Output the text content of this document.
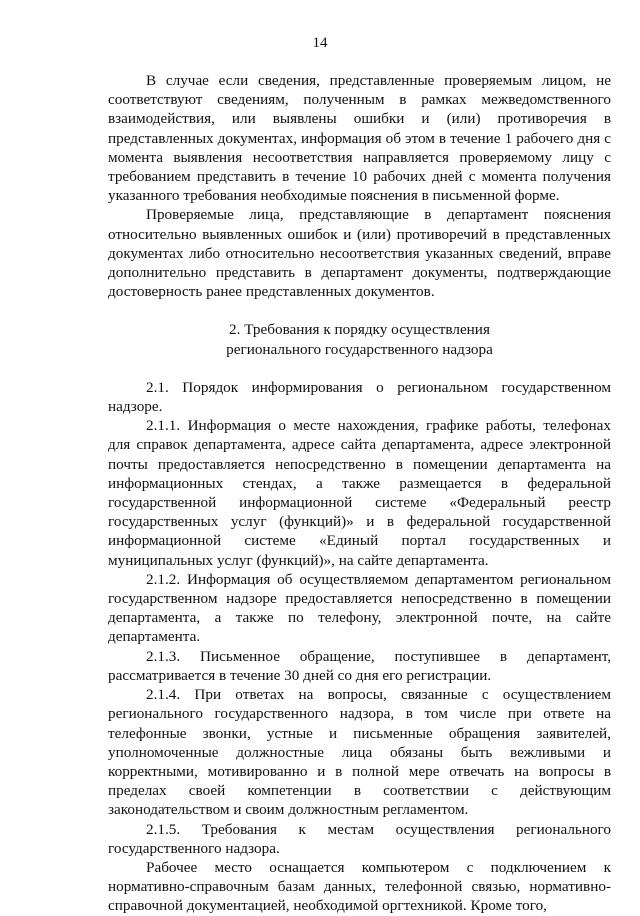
14

В случае если сведения, представленные проверяемым лицом, не соответствуют сведениям, полученным в рамках межведомственного взаимодействия, или выявлены ошибки и (или) противоречия в представленных документах, информация об этом в течение 1 рабочего дня с момента выявления несоответствия направляется проверяемому лицу с требованием представить в течение 10 рабочих дней с момента получения указанного требования необходимые пояснения в письменной форме.

Проверяемые лица, представляющие в департамент пояснения относительно выявленных ошибок и (или) противоречий в представленных документах либо относительно несоответствия указанных сведений, вправе дополнительно представить в департамент документы, подтверждающие достоверность ранее представленных документов.

2. Требования к порядку осуществления

регионального государственного надзора

2.1. Порядок информирования о региональном государственном надзоре.

2.1.1. Информация о месте нахождения, графике работы, телефонах для справок департамента, адресе сайта департамента, адресе электронной почты предоставляется непосредственно в помещении департамента на информационных стендах, а также размещается в федеральной государственной информационной системе «Федеральный реестр государственных услуг (функций)» и в федеральной государственной информационной системе «Единый портал государственных и муниципальных услуг (функций)», на сайте департамента.

2.1.2. Информация об осуществляемом департаментом региональном государственном надзоре предоставляется непосредственно в помещении департамента, а также по телефону, электронной почте, на сайте департамента.

2.1.3. Письменное обращение, поступившее в департамент, рассматривается в течение 30 дней со дня его регистрации.

2.1.4. При ответах на вопросы, связанные с осуществлением регионального государственного надзора, в том числе при ответе на телефонные звонки, устные и письменные обращения заявителей, уполномоченные должностные лица обязаны быть вежливыми и корректными, мотивированно и в полной мере отвечать на вопросы в пределах своей компетенции в соответствии с действующим законодательством и своим должностным регламентом.

2.1.5. Требования к местам осуществления регионального государственного надзора.

Рабочее место оснащается компьютером с подключением к нормативно-справочным базам данных, телефонной связью, нормативно-справочной документацией, необходимой оргтехникой. Кроме того,
